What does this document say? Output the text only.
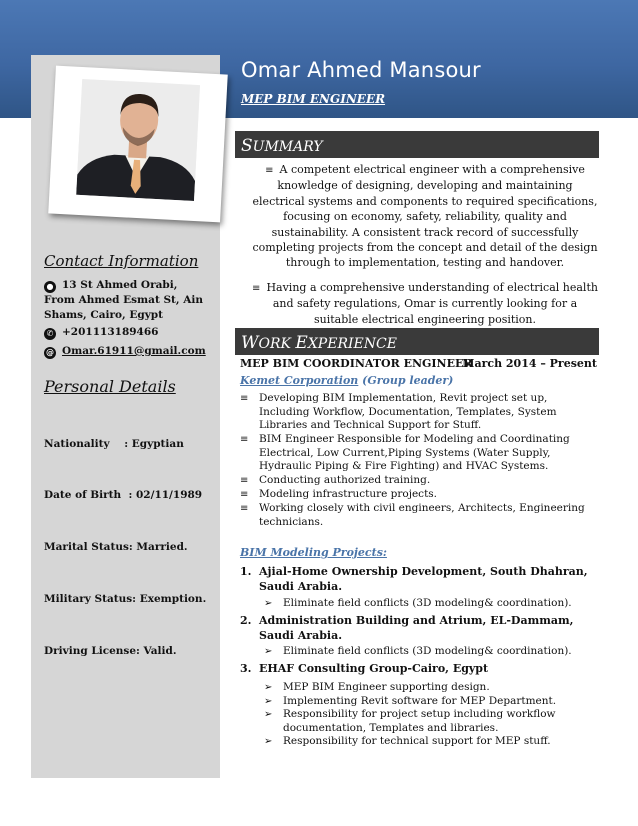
Omar Ahmed Mansour
MEP BIM ENGINEER
Contact Information
● 13 St Ahmed Orabi, From Ahmed Esmat St, Ain Shams, Cairo, Egypt
✆ +201113189466
@ Omar.61911@gmail.com
Personal Details

Nationality    : Egyptian

Date of Birth  : 02/11/1989

Marital Status: Married.

Military Status: Exemption.

Driving License: Valid.

SUMMARY
≡ A competent electrical engineer with a comprehensive knowledge of designing, developing and maintaining electrical systems and components to required specifications, focusing on economy, safety, reliability, quality and sustainability. A consistent track record of successfully completing projects from the concept and detail of the design through to implementation, testing and handover.
≡ Having a comprehensive understanding of electrical health and safety regulations, Omar is currently looking for a suitable electrical engineering position.
WORK EXPERIENCE
MEP BIM COORDINATOR ENGINEER
March 2014 – Present
Kemet Corporation (Group leader)
≡ Developing BIM Implementation, Revit project set up, Including Workflow, Documentation, Templates, System Libraries and Technical Support for Stuff.
≡ BIM Engineer Responsible for Modeling and Coordinating Electrical, Low Current,Piping Systems (Water Supply, Hydraulic Piping & Fire Fighting) and HVAC Systems.
≡ Conducting authorized training.
≡ Modeling infrastructure projects.
≡ Working closely with civil engineers, Architects, Engineering technicians.
BIM Modeling Projects:
1. Ajial-Home Ownership Development, South Dhahran, Saudi Arabia.
➢ Eliminate field conflicts (3D modeling& coordination).
2. Administration Building and Atrium, EL-Dammam, Saudi Arabia.
➢ Eliminate field conflicts (3D modeling& coordination).
3. EHAF Consulting Group-Cairo, Egypt
➢ MEP BIM Engineer supporting design.
➢ Implementing Revit software for MEP Department.
➢ Responsibility for project setup including workflow documentation, Templates and libraries.
➢ Responsibility for technical support for MEP stuff.
